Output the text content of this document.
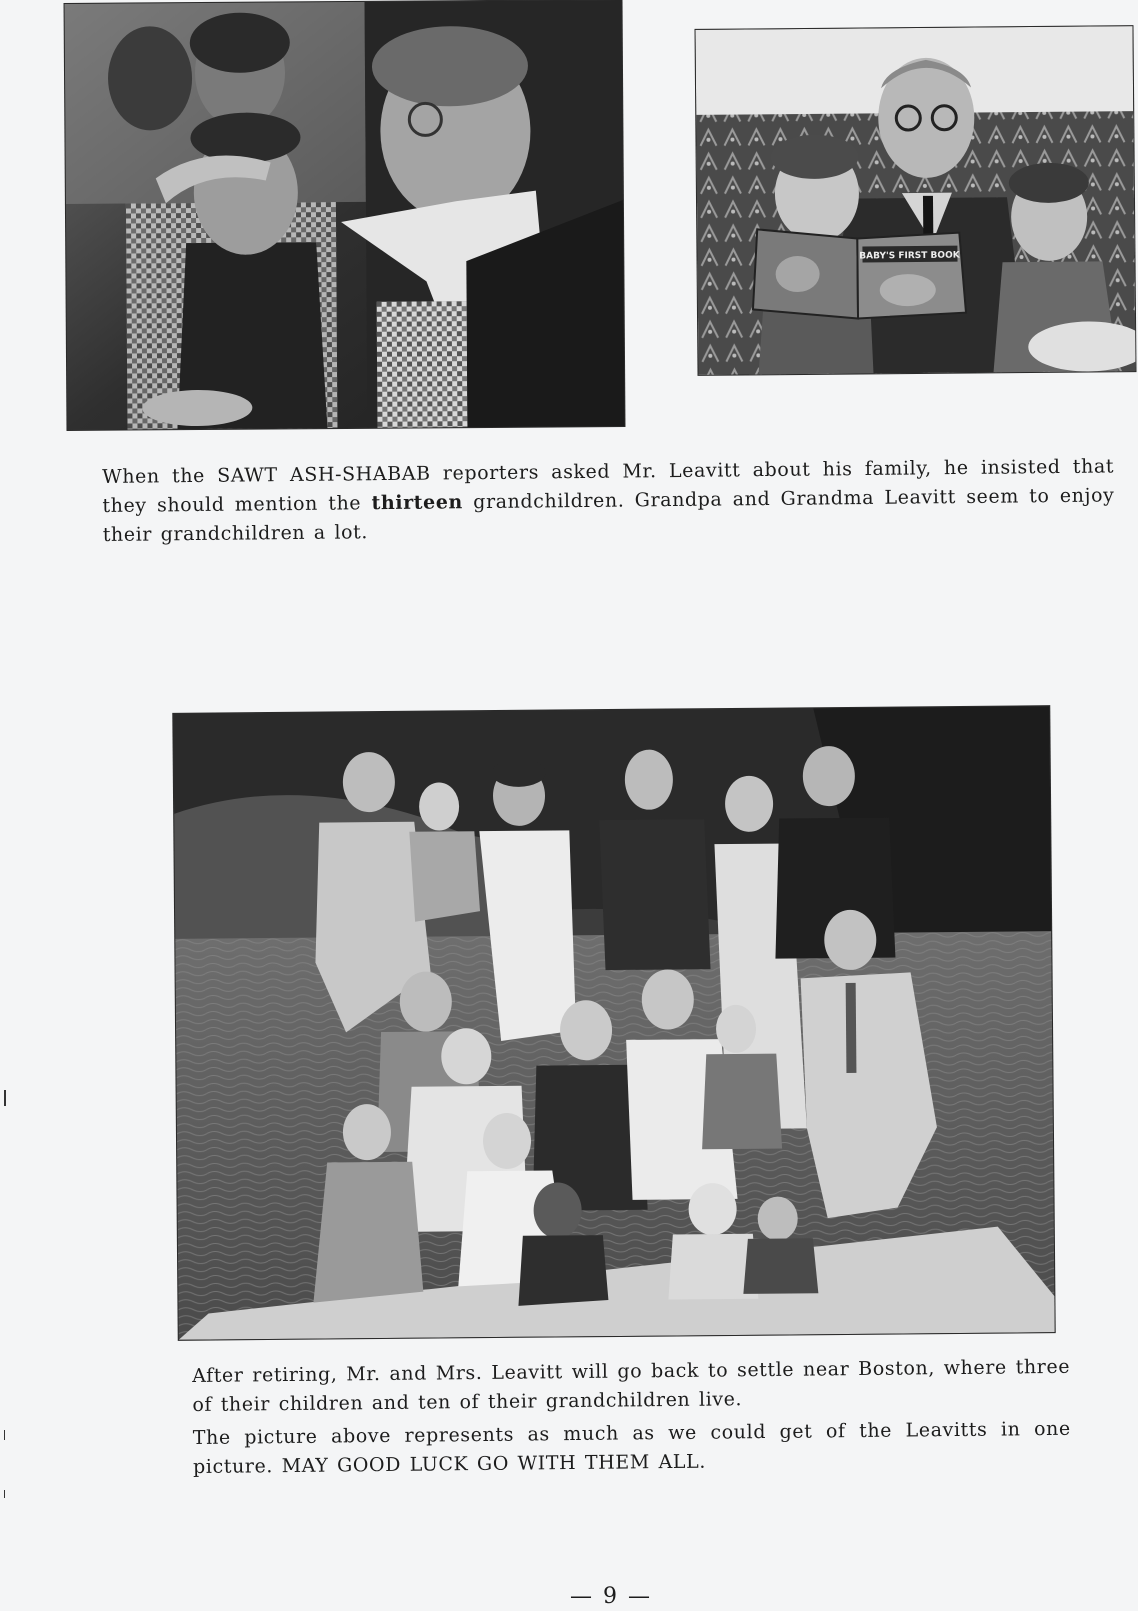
BABY'S FIRST BOOK

When the SAWT ASH-SHABAB reporters asked Mr. Leavitt about his family, he insisted that they should mention the thirteen grandchildren. Grandpa and Grandma Leavitt seem to enjoy their grandchildren a lot.

After retiring, Mr. and Mrs. Leavitt will go back to settle near Boston, where three of their children and ten of their grandchildren live.

The picture above represents as much as we could get of the Leavitts in one picture. MAY GOOD LUCK GO WITH THEM ALL.

— 9 —
